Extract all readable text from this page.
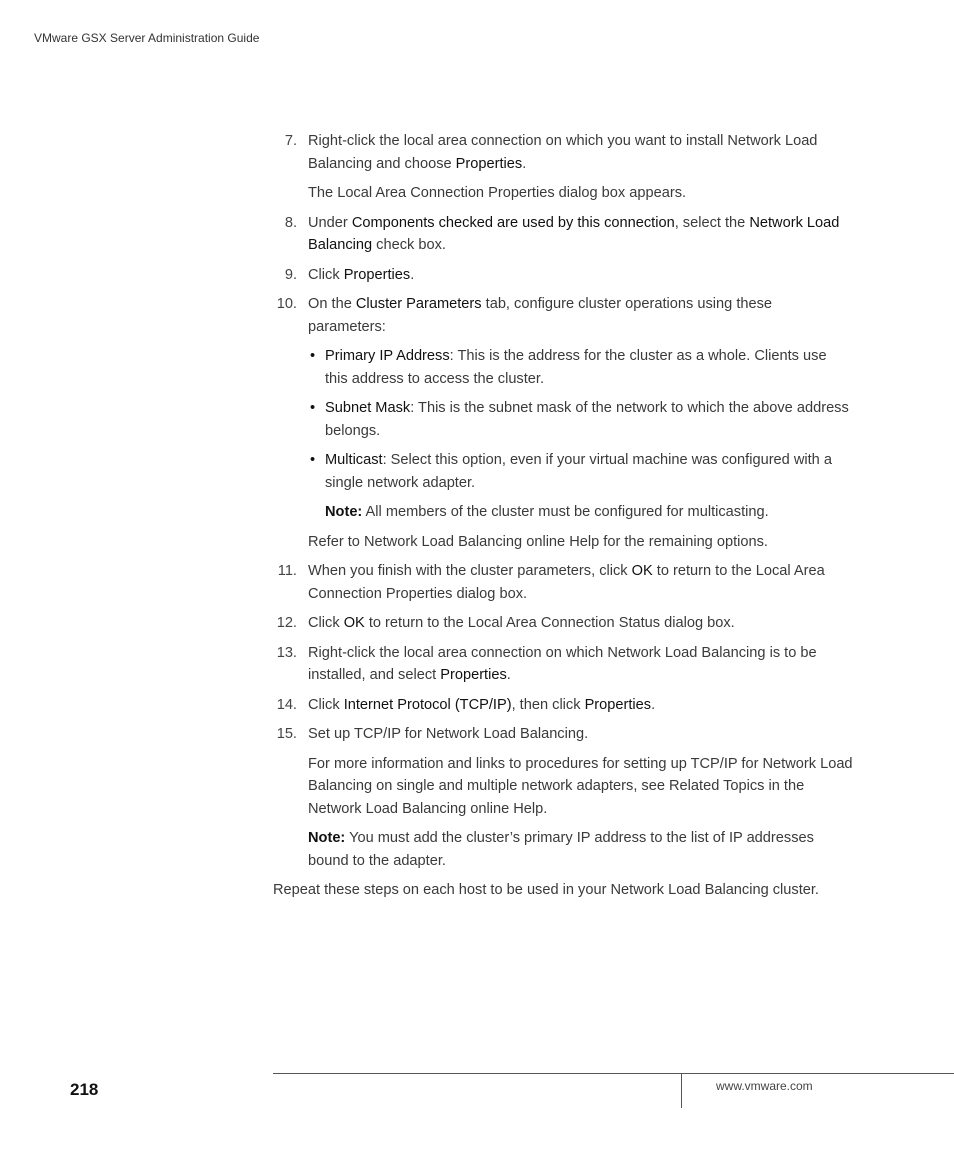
VMware GSX Server Administration Guide
7. Right-click the local area connection on which you want to install Network Load Balancing and choose Properties.
The Local Area Connection Properties dialog box appears.
8. Under Components checked are used by this connection, select the Network Load Balancing check box.
9. Click Properties.
10. On the Cluster Parameters tab, configure cluster operations using these parameters:
• Primary IP Address: This is the address for the cluster as a whole. Clients use this address to access the cluster.
• Subnet Mask: This is the subnet mask of the network to which the above address belongs.
• Multicast: Select this option, even if your virtual machine was configured with a single network adapter.
Note: All members of the cluster must be configured for multicasting.
Refer to Network Load Balancing online Help for the remaining options.
11. When you finish with the cluster parameters, click OK to return to the Local Area Connection Properties dialog box.
12. Click OK to return to the Local Area Connection Status dialog box.
13. Right-click the local area connection on which Network Load Balancing is to be installed, and select Properties.
14. Click Internet Protocol (TCP/IP), then click Properties.
15. Set up TCP/IP for Network Load Balancing.
For more information and links to procedures for setting up TCP/IP for Network Load Balancing on single and multiple network adapters, see Related Topics in the Network Load Balancing online Help.
Note: You must add the cluster’s primary IP address to the list of IP addresses bound to the adapter.

Repeat these steps on each host to be used in your Network Load Balancing cluster.

218	www.vmware.com
